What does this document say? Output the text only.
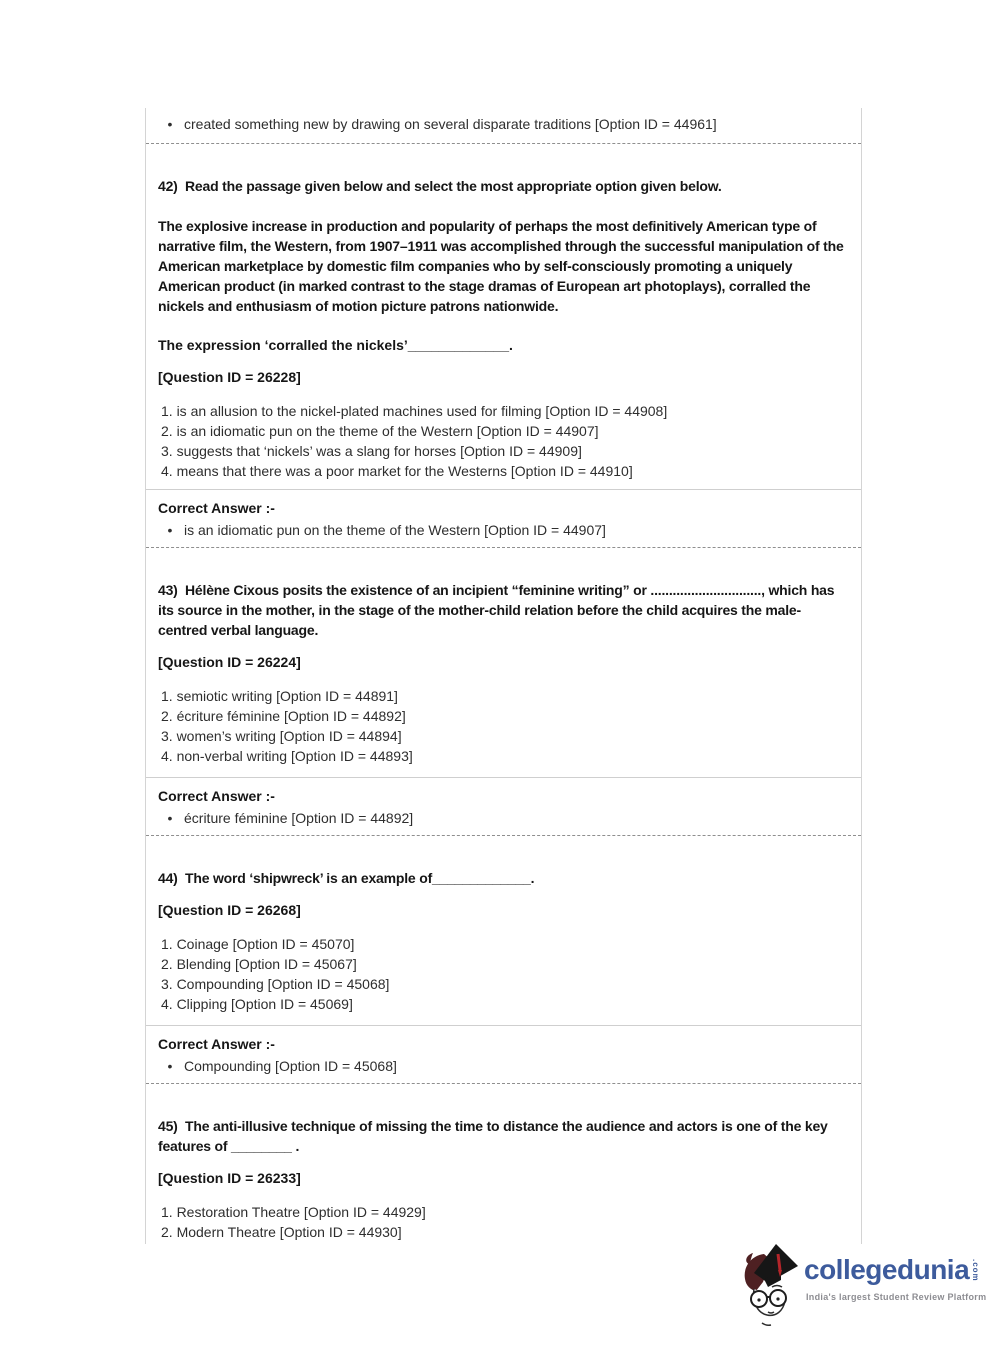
• created something new by drawing on several disparate traditions [Option ID = 44961]
42)  Read the passage given below and select the most appropriate option given below.
The explosive increase in production and popularity of perhaps the most definitively American type of narrative film, the Western, from 1907–1911 was accomplished through the successful manipulation of the American marketplace by domestic film companies who by self-consciously promoting a uniquely American product (in marked contrast to the stage dramas of European art photoplays), corralled the nickels and enthusiasm of motion picture patrons nationwide.
The expression ‘corralled the nickels’_____________.
[Question ID = 26228]
1. is an allusion to the nickel-plated machines used for filming [Option ID = 44908]
2. is an idiomatic pun on the theme of the Western [Option ID = 44907]
3. suggests that ‘nickels’ was a slang for horses [Option ID = 44909]
4. means that there was a poor market for the Westerns [Option ID = 44910]
Correct Answer :-
• is an idiomatic pun on the theme of the Western [Option ID = 44907]
43)  Hélène Cixous posits the existence of an incipient “feminine writing” or .............................., which has its source in the mother, in the stage of the mother-child relation before the child acquires the male-centred verbal language.
[Question ID = 26224]
1. semiotic writing [Option ID = 44891]
2. écriture féminine [Option ID = 44892]
3. women’s writing [Option ID = 44894]
4. non-verbal writing [Option ID = 44893]
Correct Answer :-
• écriture féminine [Option ID = 44892]
44)  The word ‘shipwreck’ is an example of_____________.
[Question ID = 26268]
1. Coinage [Option ID = 45070]
2. Blending [Option ID = 45067]
3. Compounding [Option ID = 45068]
4. Clipping [Option ID = 45069]
Correct Answer :-
• Compounding [Option ID = 45068]
45)  The anti-illusive technique of missing the time to distance the audience and actors is one of the key features of ________ .
[Question ID = 26233]
1. Restoration Theatre [Option ID = 44929]
2. Modern Theatre [Option ID = 44930]
collegedunia .com
India's largest Student Review Platform
